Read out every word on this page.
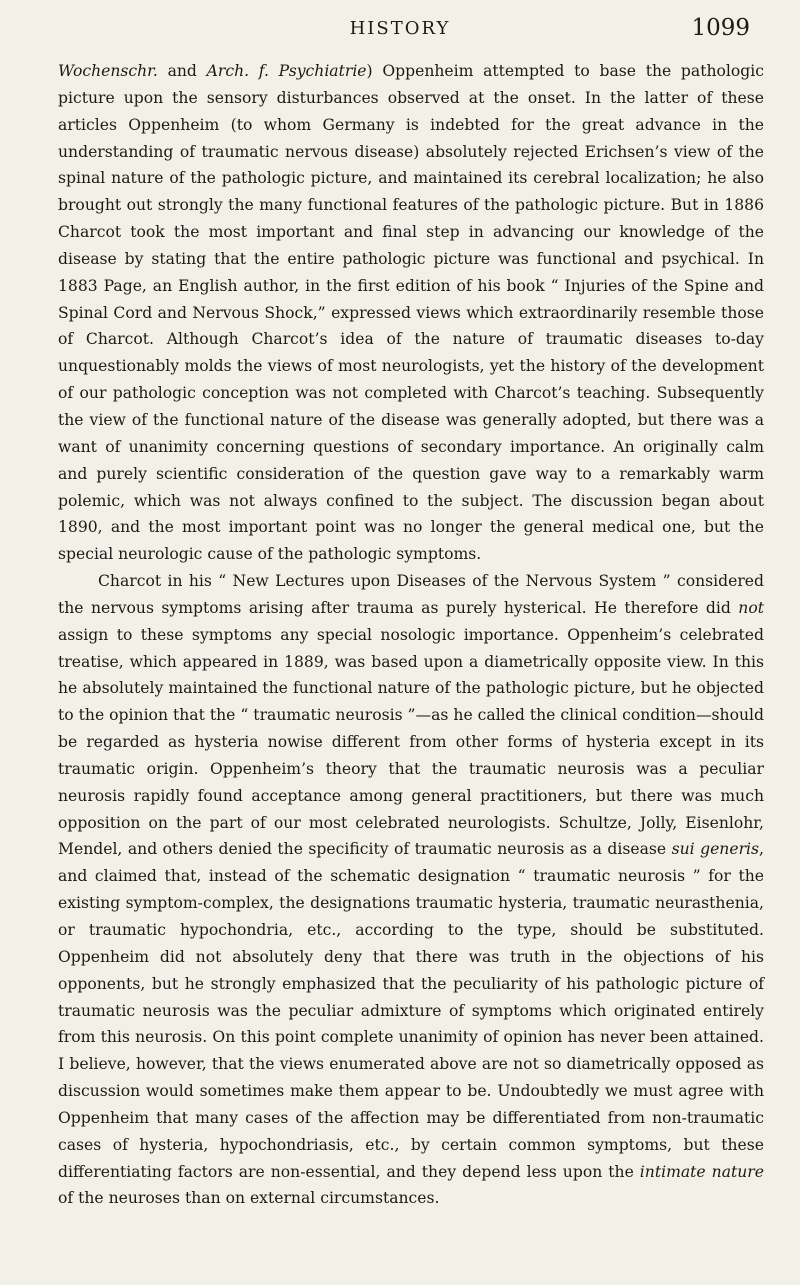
HISTORY	1099

Wochenschr. and Arch. f. Psychiatrie) Oppenheim attempted to base the pathologic picture upon the sensory disturbances observed at the onset. In the latter of these articles Oppenheim (to whom Germany is indebted for the great advance in the understanding of traumatic nervous disease) absolutely rejected Erichsen’s view of the spinal nature of the pathologic picture, and maintained its cerebral localization; he also brought out strongly the many functional features of the pathologic picture. But in 1886 Charcot took the most important and final step in advancing our knowledge of the disease by stating that the entire pathologic picture was functional and psychical. In 1883 Page, an English author, in the first edition of his book “ Injuries of the Spine and Spinal Cord and Nervous Shock,” expressed views which extraordinarily resemble those of Charcot. Although Charcot’s idea of the nature of traumatic diseases to-day unquestionably molds the views of most neurologists, yet the history of the development of our pathologic conception was not completed with Charcot’s teaching. Subsequently the view of the functional nature of the disease was generally adopted, but there was a want of unanimity concerning questions of secondary importance. An originally calm and purely scientific consideration of the question gave way to a remarkably warm polemic, which was not always confined to the subject. The discussion began about 1890, and the most important point was no longer the general medical one, but the special neurologic cause of the pathologic symptoms.

Charcot in his “ New Lectures upon Diseases of the Nervous System ” considered the nervous symptoms arising after trauma as purely hysterical. He therefore did not assign to these symptoms any special nosologic importance. Oppenheim’s celebrated treatise, which appeared in 1889, was based upon a diametrically opposite view. In this he absolutely maintained the functional nature of the pathologic picture, but he objected to the opinion that the “ traumatic neurosis ”—as he called the clinical condition—should be regarded as hysteria nowise different from other forms of hysteria except in its traumatic origin. Oppenheim’s theory that the traumatic neurosis was a peculiar neurosis rapidly found acceptance among general practitioners, but there was much opposition on the part of our most celebrated neurologists. Schultze, Jolly, Eisenlohr, Mendel, and others denied the specificity of traumatic neurosis as a disease sui generis, and claimed that, instead of the schematic designation “ traumatic neurosis ” for the existing symptom-complex, the designations traumatic hysteria, traumatic neurasthenia, or traumatic hypochondria, etc., according to the type, should be substituted. Oppenheim did not absolutely deny that there was truth in the objections of his opponents, but he strongly emphasized that the peculiarity of his pathologic picture of traumatic neurosis was the peculiar admixture of symptoms which originated entirely from this neurosis. On this point complete unanimity of opinion has never been attained. I believe, however, that the views enumerated above are not so diametrically opposed as discussion would sometimes make them appear to be. Undoubtedly we must agree with Oppenheim that many cases of the affection may be differentiated from non-traumatic cases of hysteria, hypochondriasis, etc., by certain common symptoms, but these differentiating factors are non-essential, and they depend less upon the intimate nature of the neuroses than on external circumstances.
